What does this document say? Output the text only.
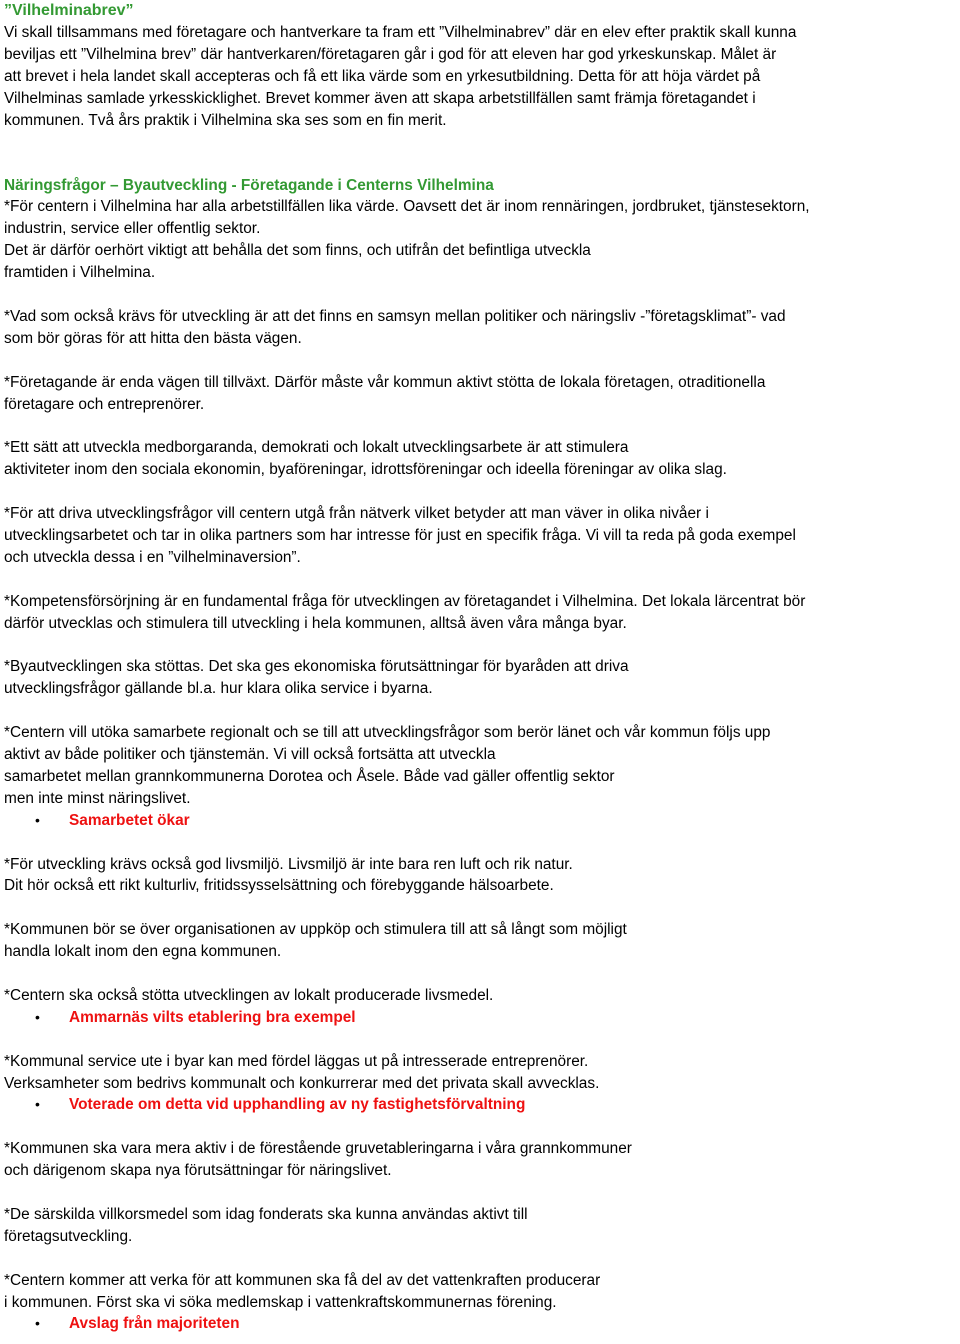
”Vilhelminabrev”

Vi skall tillsammans med företagare och hantverkare ta fram ett ”Vilhelminabrev” där en elev efter praktik skall kunna

beviljas ett ”Vilhelmina brev” där hantverkaren/företagaren går i god för att eleven har god yrkeskunskap. Målet är

att brevet i hela landet skall accepteras och få ett lika värde som en yrkesutbildning. Detta för att höja värdet på

Vilhelminas samlade yrkesskicklighet. Brevet kommer även att skapa arbetstillfällen samt främja företagandet i

kommunen. Två års praktik i Vilhelmina ska ses som en fin merit.

Näringsfrågor – Byautveckling - Företagande i Centerns Vilhelmina

*För centern i Vilhelmina har alla arbetstillfällen lika värde. Oavsett det är inom rennäringen, jordbruket, tjänstesektorn,

industrin, service eller offentlig sektor.

Det är därför oerhört viktigt att behålla det som finns, och utifrån det befintliga utveckla

framtiden i Vilhelmina.

*Vad som också krävs för utveckling är att det finns en samsyn mellan politiker och näringsliv -”företagsklimat”- vad

som bör göras för att hitta den bästa vägen.

*Företagande är enda vägen till tillväxt. Därför måste vår kommun aktivt stötta de lokala företagen, otraditionella

företagare och entreprenörer.

*Ett sätt att utveckla medborgaranda, demokrati och lokalt utvecklingsarbete är att stimulera

aktiviteter inom den sociala ekonomin, byaföreningar, idrottsföreningar och ideella föreningar av olika slag.

*För att driva utvecklingsfrågor vill centern utgå från nätverk vilket betyder att man väver in olika nivåer i

utvecklingsarbetet och tar in olika partners som har intresse för just en specifik fråga. Vi vill ta reda på goda exempel

och utveckla dessa i en ”vilhelminaversion”.

*Kompetensförsörjning är en fundamental fråga för utvecklingen av företagandet i Vilhelmina. Det lokala lärcentrat bör

därför utvecklas och stimulera till utveckling i hela kommunen, alltså även våra många byar.

*Byautvecklingen ska stöttas. Det ska ges ekonomiska förutsättningar för byaråden att driva

utvecklingsfrågor gällande bl.a. hur klara olika service i byarna.

*Centern vill utöka samarbete regionalt och se till att utvecklingsfrågor som berör länet och vår kommun följs upp

aktivt av både politiker och tjänstemän. Vi vill också fortsätta att utveckla

samarbetet mellan grannkommunerna Dorotea och Åsele. Både vad gäller offentlig sektor

men inte minst näringslivet.

• Samarbetet ökar

*För utveckling krävs också god livsmiljö. Livsmiljö är inte bara ren luft och rik natur.

Dit hör också ett rikt kulturliv, fritidssysselsättning och förebyggande hälsoarbete.

*Kommunen bör se över organisationen av uppköp och stimulera till att så långt som möjligt

handla lokalt inom den egna kommunen.

*Centern ska också stötta utvecklingen av lokalt producerade livsmedel.

• Ammarnäs vilts etablering bra exempel

*Kommunal service ute i byar kan med fördel läggas ut på intresserade entreprenörer.

Verksamheter som bedrivs kommunalt och konkurrerar med det privata skall avvecklas.

• Voterade om detta vid upphandling av ny fastighetsförvaltning

*Kommunen ska vara mera aktiv i de förestående gruvetableringarna i våra grannkommuner

och därigenom skapa nya förutsättningar för näringslivet.

*De särskilda villkorsmedel som idag fonderats ska kunna användas aktivt till

företagsutveckling.

*Centern kommer att verka för att kommunen ska få del av det vattenkraften producerar

i kommunen. Först ska vi söka medlemskap i vattenkraftskommunernas förening.

• Avslag från majoriteten
